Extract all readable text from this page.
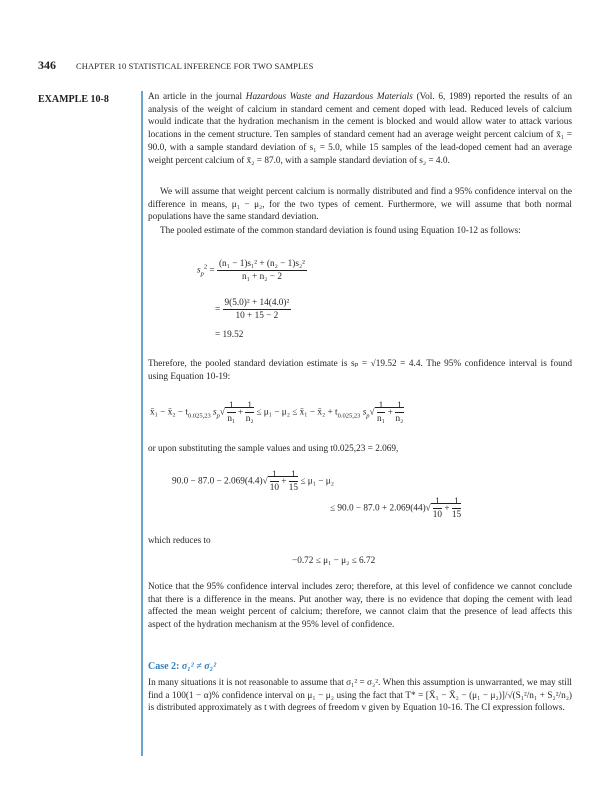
346 CHAPTER 10 STATISTICAL INFERENCE FOR TWO SAMPLES
EXAMPLE 10-8	An article in the journal Hazardous Waste and Hazardous Materials (Vol. 6, 1989) reported the results of an analysis of the weight of calcium in standard cement and cement doped with lead. Reduced levels of calcium would indicate that the hydration mechanism in the cement is blocked and would allow water to attack various locations in the cement structure. Ten samples of standard cement had an average weight percent calcium of x̄₁ = 90.0, with a sample standard deviation of s₁ = 5.0, while 15 samples of the lead-doped cement had an average weight percent calcium of x̄₂ = 87.0, with a sample standard deviation of s₂ = 4.0.
We will assume that weight percent calcium is normally distributed and find a 95% confidence interval on the difference in means, μ₁ − μ₂, for the two types of cement. Furthermore, we will assume that both normal populations have the same standard deviation.
The pooled estimate of the common standard deviation is found using Equation 10-12 as follows:
$s_p^2 = \frac{\text{(n₁ − 1)s₁² + (n₂ − 1)s₂²}}{\text{n₁ + n₂ − 2}}$
= $\frac{\text{9(5.0)² + 14(4.0)²}}{10 + 15 - 2}$
= 19.52
Therefore, the pooled standard deviation estimate is sₚ = √19.52 = 4.4. The 95% confidence interval is found using Equation 10-19:
x̄₁ − x̄₂ − $t_{0.025,23}$ $s_p√ \frac{1}{\text{n₁}} + \frac{1}{\text{n₂}} \le \mu_1 - \mu_2$ ≤ x̄₁ − x̄₂ + $t_{0.025,23}$ $s_p√ \frac{1}{\text{n₁}} + \frac{1}{\text{n₂}}$
or upon substituting the sample values and using t0.025,23 = 2.069,
$90.0 - 87.0 - 2.069(4.4)√ \frac{1}{10} + \frac{1}{15} \le \mu_1 - \mu_2$
≤ $90.0 - 87.0 + 2.069(44)√ \frac{1}{10} + \frac{1}{15}$
which reduces to
−0.72 ≤ μ₁ − μ₂ ≤ 6.72
Notice that the 95% confidence interval includes zero; therefore, at this level of confidence we cannot conclude that there is a difference in the means. Put another way, there is no evidence that doping the cement with lead affected the mean weight percent of calcium; therefore, we cannot claim that the presence of lead affects this aspect of the hydration mechanism at the 95% level of confidence.
Case 2: σ₁² ≠ σ₂²
In many situations it is not reasonable to assume that σ₁² = σ₂². When this assumption is unwarranted, we may still find a 100(1 − α)% confidence interval on μ₁ − μ₂ using the fact that T* = [X̄₁ − X̄₂ − (μ₁ − μ₂)]/√(S₁²/n₁ + S₂²/n₂) is distributed approximately as t with degrees of freedom v given by Equation 10-16. The CI expression follows.
